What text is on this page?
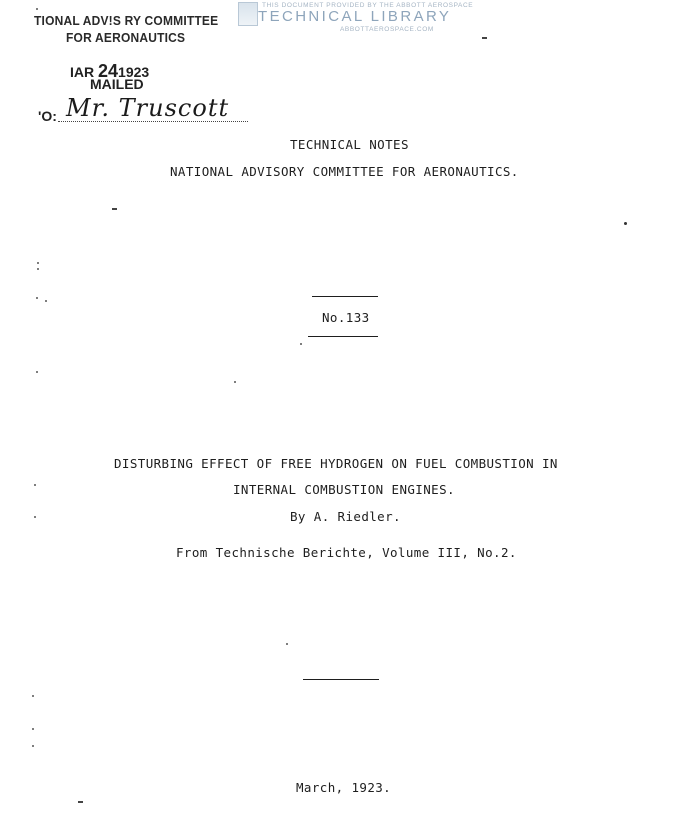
TIONAL ADV!S RY COMMITTEE
FOR AERONAUTICS
IAR 241923
MAILED
'O: Mr. Truscott
THIS DOCUMENT PROVIDED BY THE ABBOTT AEROSPACE
TECHNICAL LIBRARY
ABBOTTAEROSPACE.COM
TECHNICAL NOTES
NATIONAL ADVISORY COMMITTEE FOR AERONAUTICS.
No.133
DISTURBING EFFECT OF FREE HYDROGEN ON FUEL COMBUSTION IN
INTERNAL COMBUSTION ENGINES.
By A. Riedler.
From Technische Berichte, Volume III, No.2.
March, 1923.
